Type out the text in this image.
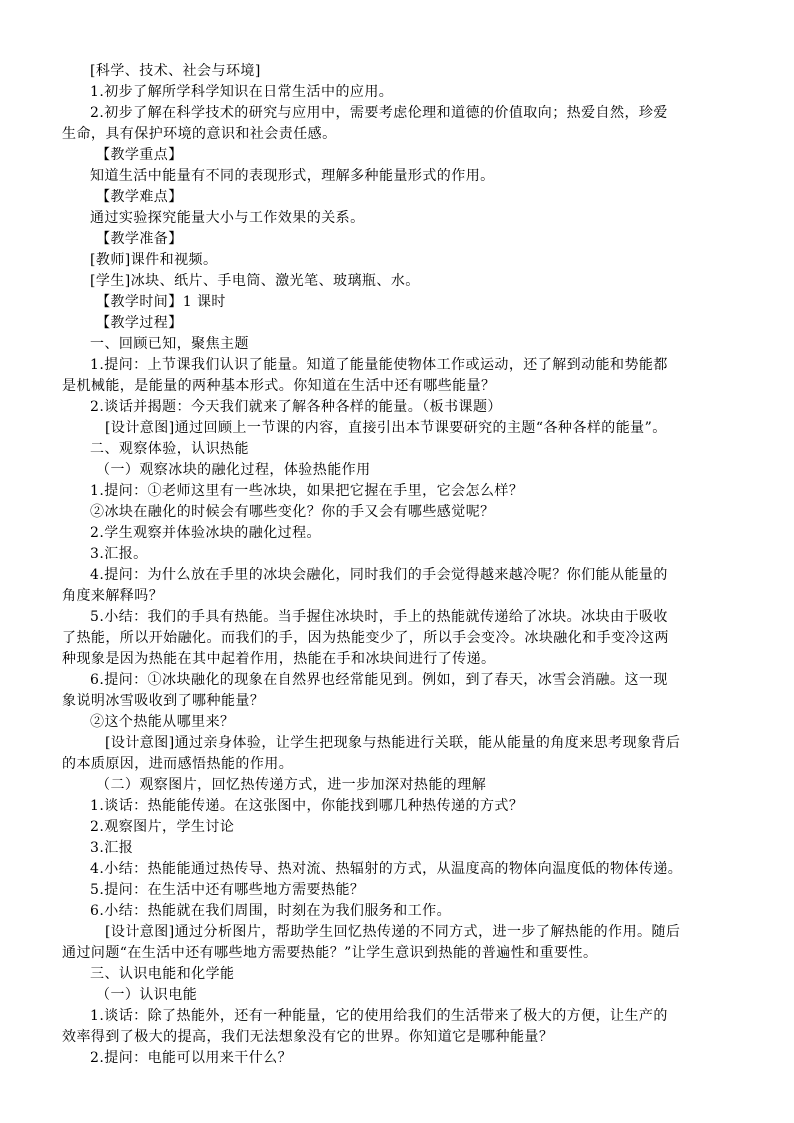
[科学、技术、社会与环境]
1.初步了解所学科学知识在日常生活中的应用。
2.初步了解在科学技术的研究与应用中，需要考虑伦理和道德的价值取向；热爱自然，珍爱
生命，具有保护环境的意识和社会责任感。
【教学重点】
知道生活中能量有不同的表现形式，理解多种能量形式的作用。
【教学难点】
通过实验探究能量大小与工作效果的关系。
【教学准备】
[教师]课件和视频。
[学生]冰块、纸片、手电筒、激光笔、玻璃瓶、水。
【教学时间】1 课时
【教学过程】
一、回顾已知，聚焦主题
1.提问：上节课我们认识了能量。知道了能量能使物体工作或运动，还了解到动能和势能都
是机械能，是能量的两种基本形式。你知道在生活中还有哪些能量？
2.谈话并揭题：今天我们就来了解各种各样的能量。（板书课题）
[设计意图]通过回顾上一节课的内容，直接引出本节课要研究的主题“各种各样的能量”。
二、观察体验，认识热能
（一）观察冰块的融化过程，体验热能作用
1.提问：①老师这里有一些冰块，如果把它握在手里，它会怎么样？
②冰块在融化的时候会有哪些变化？你的手又会有哪些感觉呢？
2.学生观察并体验冰块的融化过程。
3.汇报。
4.提问：为什么放在手里的冰块会融化，同时我们的手会觉得越来越冷呢？你们能从能量的
角度来解释吗？
5.小结：我们的手具有热能。当手握住冰块时，手上的热能就传递给了冰块。冰块由于吸收
了热能，所以开始融化。而我们的手，因为热能变少了，所以手会变冷。冰块融化和手变冷这两
种现象是因为热能在其中起着作用，热能在手和冰块间进行了传递。
6.提问：①冰块融化的现象在自然界也经常能见到。例如，到了春天，冰雪会消融。这一现
象说明冰雪吸收到了哪种能量？
②这个热能从哪里来？
[设计意图]通过亲身体验，让学生把现象与热能进行关联，能从能量的角度来思考现象背后
的本质原因，进而感悟热能的作用。
（二）观察图片，回忆热传递方式，进一步加深对热能的理解
1.谈话：热能能传递。在这张图中，你能找到哪几种热传递的方式？
2.观察图片，学生讨论
3.汇报
4.小结：热能能通过热传导、热对流、热辐射的方式，从温度高的物体向温度低的物体传递。
5.提问：在生活中还有哪些地方需要热能？
6.小结：热能就在我们周围，时刻在为我们服务和工作。
[设计意图]通过分析图片，帮助学生回忆热传递的不同方式，进一步了解热能的作用。随后
通过问题“在生活中还有哪些地方需要热能？”让学生意识到热能的普遍性和重要性。
三、认识电能和化学能
（一）认识电能
1.谈话：除了热能外，还有一种能量，它的使用给我们的生活带来了极大的方便，让生产的
效率得到了极大的提高，我们无法想象没有它的世界。你知道它是哪种能量？
2.提问：电能可以用来干什么？
